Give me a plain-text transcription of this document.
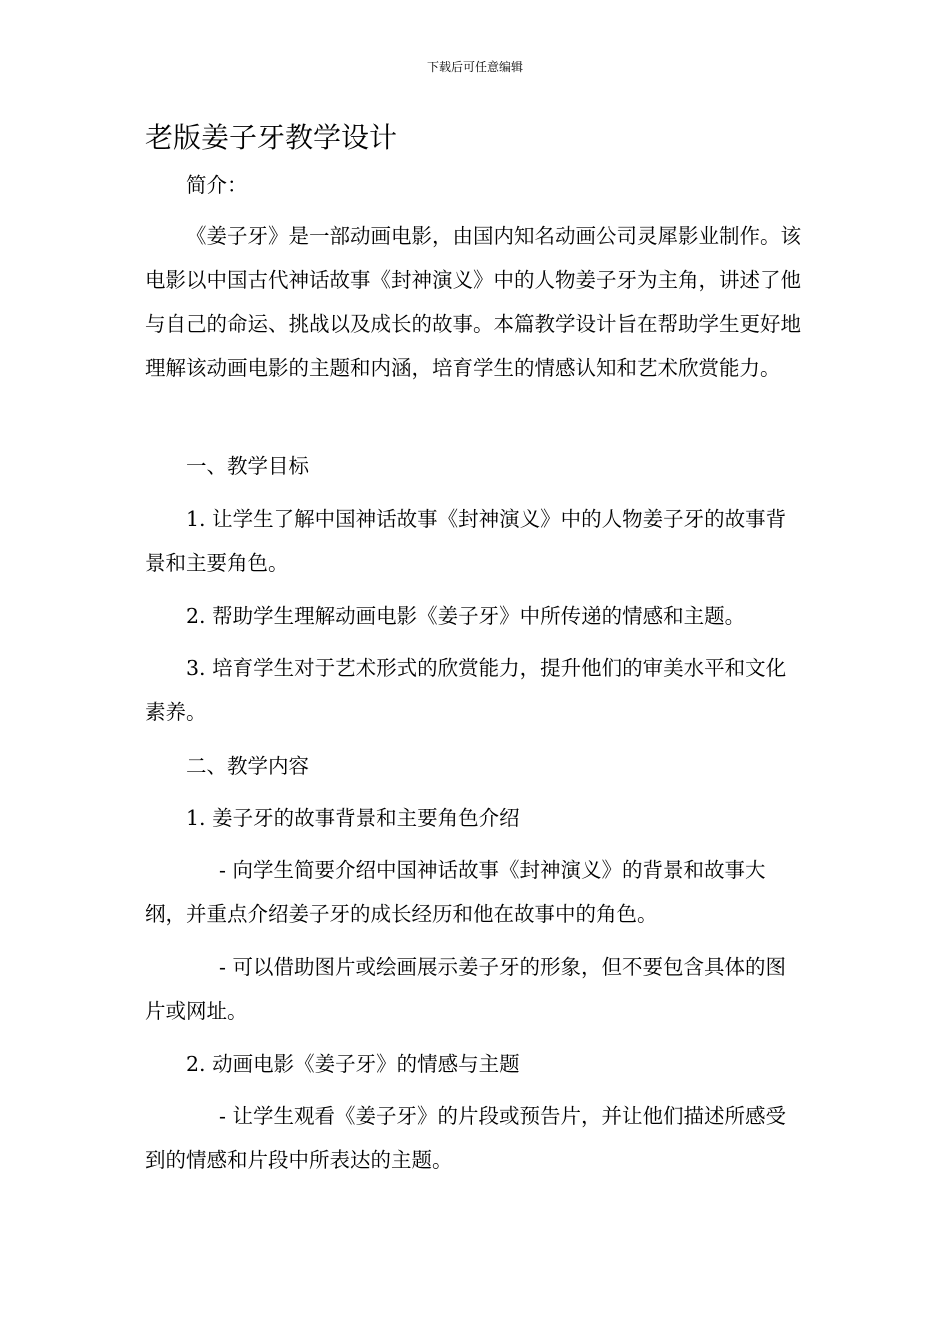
下载后可任意编辑
老版姜子牙教学设计

简介：

《姜子牙》是一部动画电影，由国内知名动画公司灵犀影业制作。该电影以中国古代神话故事《封神演义》中的人物姜子牙为主角，讲述了他与自己的命运、挑战以及成长的故事。本篇教学设计旨在帮助学生更好地理解该动画电影的主题和内涵，培育学生的情感认知和艺术欣赏能力。

一、教学目标

1. 让学生了解中国神话故事《封神演义》中的人物姜子牙的故事背景和主要角色。

2. 帮助学生理解动画电影《姜子牙》中所传递的情感和主题。

3. 培育学生对于艺术形式的欣赏能力，提升他们的审美水平和文化素养。

二、教学内容

1. 姜子牙的故事背景和主要角色介绍

- 向学生简要介绍中国神话故事《封神演义》的背景和故事大纲，并重点介绍姜子牙的成长经历和他在故事中的角色。

- 可以借助图片或绘画展示姜子牙的形象，但不要包含具体的图片或网址。

2. 动画电影《姜子牙》的情感与主题

- 让学生观看《姜子牙》的片段或预告片，并让他们描述所感受到的情感和片段中所表达的主题。
